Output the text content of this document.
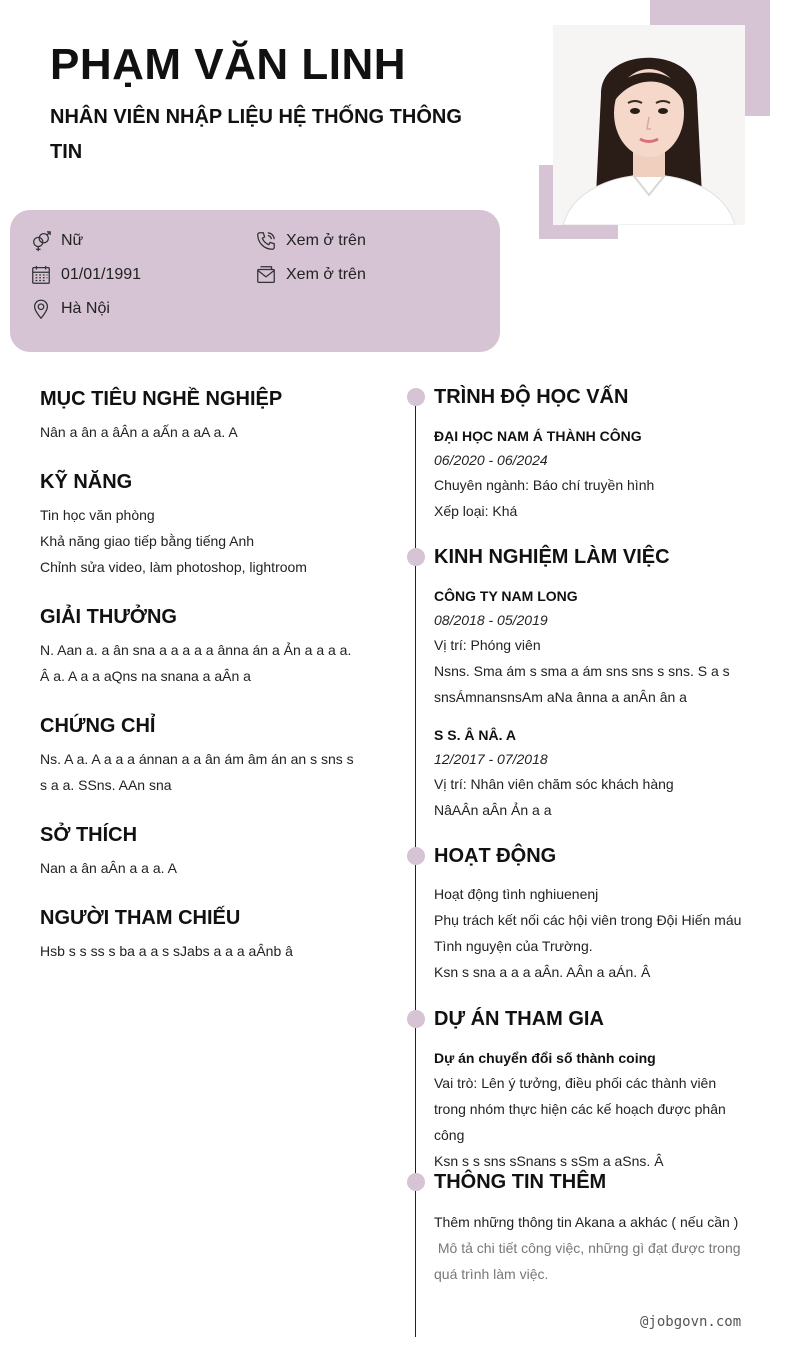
PHẠM VĂN LINH
NHÂN VIÊN NHẬP LIỆU HỆ THỐNG THÔNG TIN
Nữ	Xem ở trên
01/01/1991	Xem ở trên
Hà Nội
MỤC TIÊU NGHỀ NGHIỆP
Nân a ân a âÂn a aẤn a aA a. A
KỸ NĂNG
Tin học văn phòng
Khả năng giao tiếp bằng tiếng Anh
Chỉnh sửa video, làm photoshop, lightroom
GIẢI THƯỞNG
N. Aan a. a ân sna a a a a a ânna án a Ản a a a a. Â a. A a a aQns na snana a aÂn a
CHỨNG CHỈ
Ns. A a. A a a a ánnan a a ân ám âm án an s sns s s a a. SSns. AAn sna
SỞ THÍCH
Nan a ân aÂn a a a. A
NGƯỜI THAM CHIẾU
Hsb s s ss s ba a a s sJabs a a a aÂnb â
TRÌNH ĐỘ HỌC VẤN
ĐẠI HỌC NAM Á THÀNH CÔNG
06/2020 - 06/2024
Chuyên ngành: Báo chí truyền hình
Xếp loại: Khá
KINH NGHIỆM LÀM VIỆC
CÔNG TY NAM LONG
08/2018 - 05/2019
Vị trí: Phóng viên
Nsns. Sma ám s sma a ám sns sns s sns. S a s snsÁmnansnsAm aNa ânna a anÂn ân a
S S. Â NÂ. A
12/2017 - 07/2018
Vị trí: Nhân viên chăm sóc khách hàng
NâAÂn aÂn Ản a a
HOẠT ĐỘNG
Hoạt động tình nghiuenenj
Phụ trách kết nối các hội viên trong Đội Hiến máu Tình nguyện của Trường.
Ksn s sna a a a aÂn. AÂn a aÁn. Â
DỰ ÁN THAM GIA
Dự án chuyển đổi số thành coing
Vai trò: Lên ý tưởng, điều phối các thành viên trong nhóm thực hiện các kế hoạch được phân công
Ksn s s sns sSnans s sSm a aSns. Â
THÔNG TIN THÊM
Thêm những thông tin Akana a akhác ( nếu cần )
Mô tả chi tiết công việc, những gì đạt được trong quá trình làm việc.
@jobgovn.com
